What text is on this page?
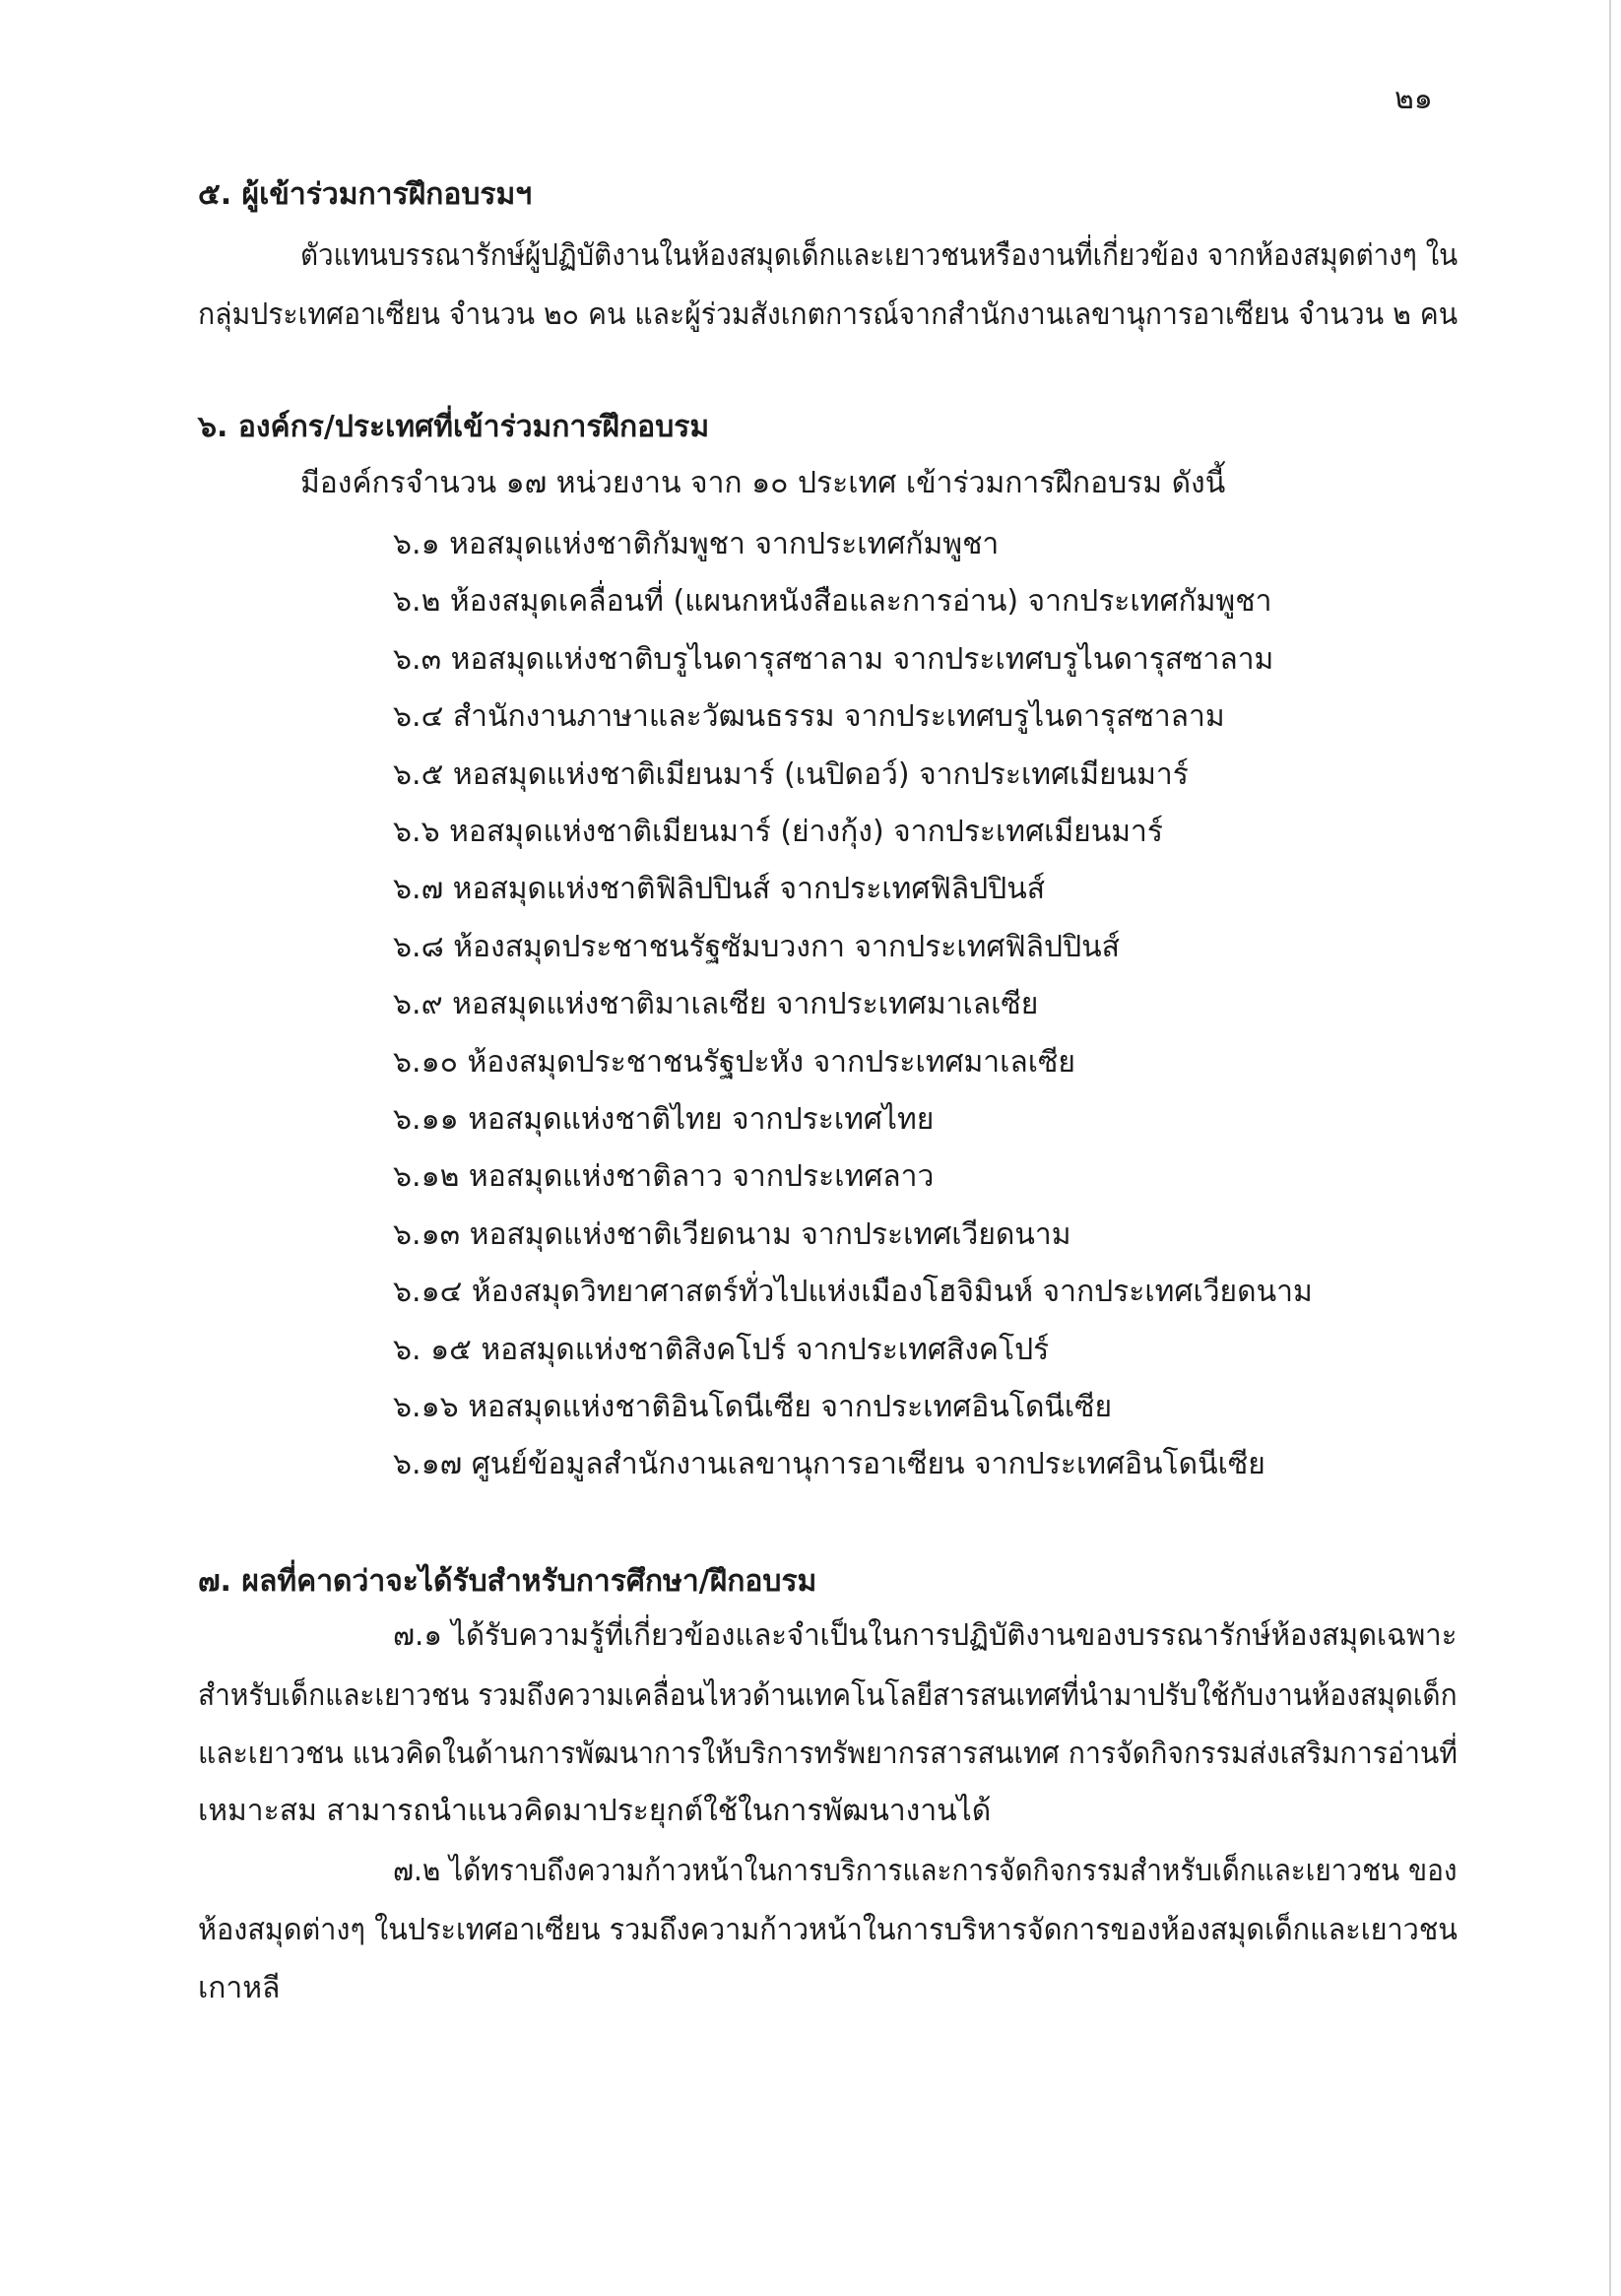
๒๑
๕. ผู้เข้าร่วมการฝึกอบรมฯ
ตัวแทนบรรณารักษ์ผู้ปฏิบัติงานในห้องสมุดเด็กและเยาวชนหรืองานที่เกี่ยวข้อง จากห้องสมุดต่างๆ ใน
กลุ่มประเทศอาเซียน จำนวน ๒๐ คน และผู้ร่วมสังเกตการณ์จากสำนักงานเลขานุการอาเซียน จำนวน ๒ คน
๖. องค์กร/ประเทศที่เข้าร่วมการฝึกอบรม
มีองค์กรจำนวน ๑๗ หน่วยงาน จาก ๑๐ ประเทศ เข้าร่วมการฝึกอบรม ดังนี้
๖.๑ หอสมุดแห่งชาติกัมพูชา จากประเทศกัมพูชา
๖.๒ ห้องสมุดเคลื่อนที่ (แผนกหนังสือและการอ่าน) จากประเทศกัมพูชา
๖.๓ หอสมุดแห่งชาติบรูไนดารุสซาลาม จากประเทศบรูไนดารุสซาลาม
๖.๔ สำนักงานภาษาและวัฒนธรรม จากประเทศบรูไนดารุสซาลาม
๖.๕ หอสมุดแห่งชาติเมียนมาร์ (เนปิดอว์) จากประเทศเมียนมาร์
๖.๖ หอสมุดแห่งชาติเมียนมาร์ (ย่างกุ้ง) จากประเทศเมียนมาร์
๖.๗ หอสมุดแห่งชาติฟิลิปปินส์ จากประเทศฟิลิปปินส์
๖.๘ ห้องสมุดประชาชนรัฐซัมบวงกา จากประเทศฟิลิปปินส์
๖.๙ หอสมุดแห่งชาติมาเลเซีย จากประเทศมาเลเซีย
๖.๑๐ ห้องสมุดประชาชนรัฐปะหัง จากประเทศมาเลเซีย
๖.๑๑ หอสมุดแห่งชาติไทย จากประเทศไทย
๖.๑๒ หอสมุดแห่งชาติลาว จากประเทศลาว
๖.๑๓ หอสมุดแห่งชาติเวียดนาม จากประเทศเวียดนาม
๖.๑๔ ห้องสมุดวิทยาศาสตร์ทั่วไปแห่งเมืองโฮจิมินห์ จากประเทศเวียดนาม
๖. ๑๕ หอสมุดแห่งชาติสิงคโปร์ จากประเทศสิงคโปร์
๖.๑๖ หอสมุดแห่งชาติอินโดนีเซีย จากประเทศอินโดนีเซีย
๖.๑๗ ศูนย์ข้อมูลสำนักงานเลขานุการอาเซียน จากประเทศอินโดนีเซีย
๗. ผลที่คาดว่าจะได้รับสำหรับการศึกษา/ฝึกอบรม
๗.๑ ได้รับความรู้ที่เกี่ยวข้องและจำเป็นในการปฏิบัติงานของบรรณารักษ์ห้องสมุดเฉพาะ
สำหรับเด็กและเยาวชน รวมถึงความเคลื่อนไหวด้านเทคโนโลยีสารสนเทศที่นำมาปรับใช้กับงานห้องสมุดเด็ก
และเยาวชน แนวคิดในด้านการพัฒนาการให้บริการทรัพยากรสารสนเทศ การจัดกิจกรรมส่งเสริมการอ่านที่
เหมาะสม สามารถนำแนวคิดมาประยุกต์ใช้ในการพัฒนางานได้
๗.๒ ได้ทราบถึงความก้าวหน้าในการบริการและการจัดกิจกรรมสำหรับเด็กและเยาวชน ของ
ห้องสมุดต่างๆ ในประเทศอาเซียน รวมถึงความก้าวหน้าในการบริหารจัดการของห้องสมุดเด็กและเยาวชน
เกาหลี
